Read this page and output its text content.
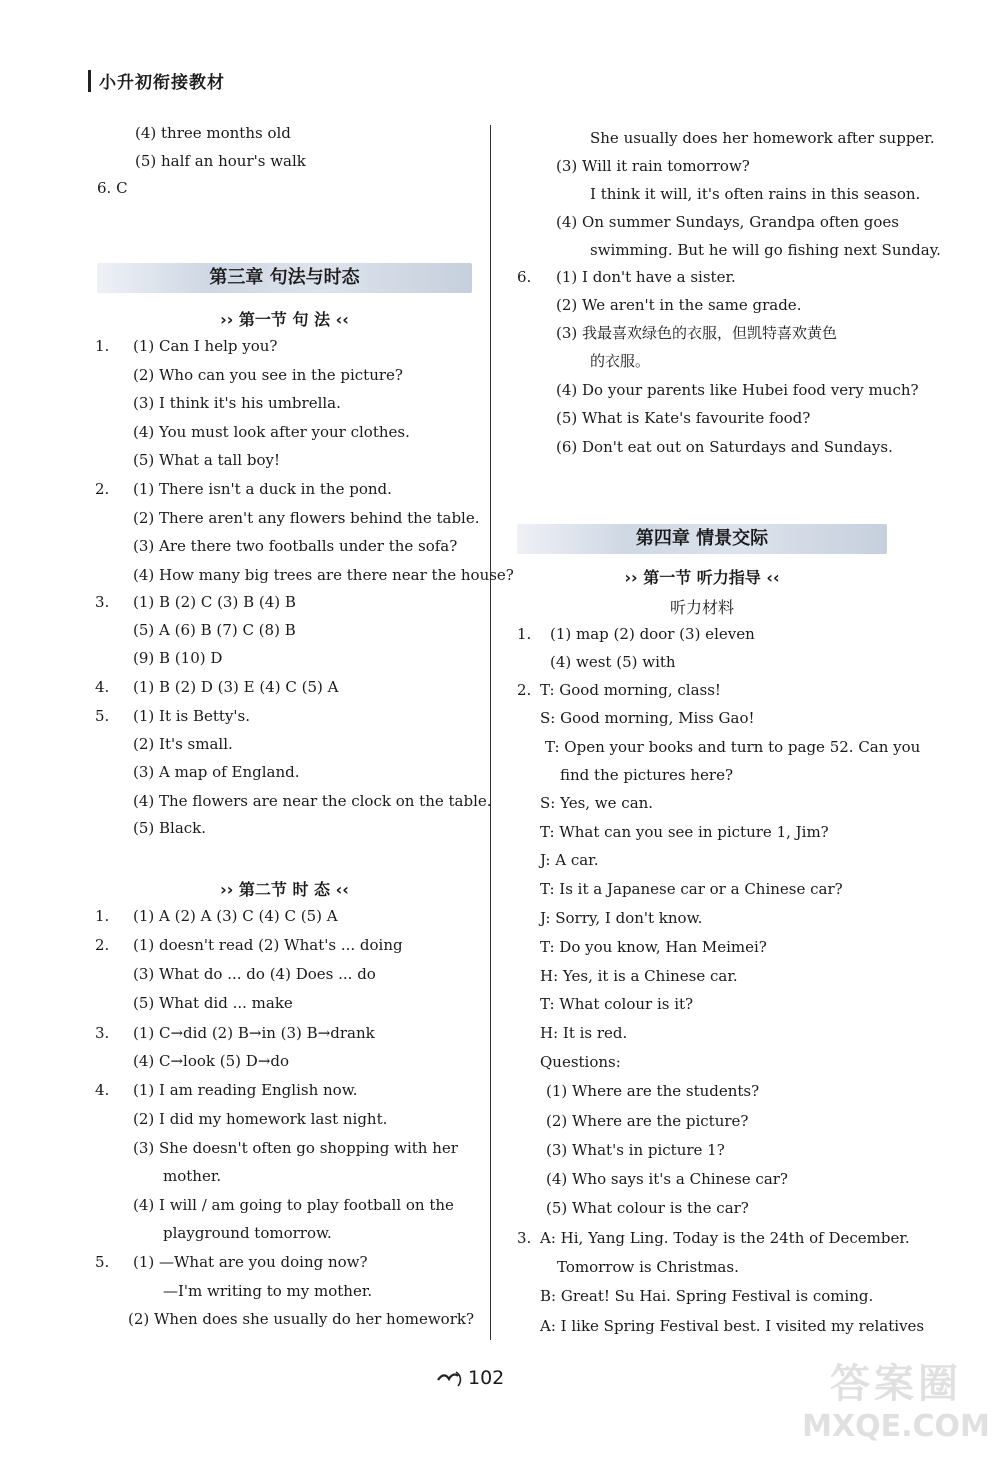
小升初衔接教材
(4) three months old
(5) half an hour's walk
6. C
第三章 句法与时态
›› 第一节 句 法 ‹‹
1. (1) Can I help you?
(2) Who can you see in the picture?
(3) I think it's his umbrella.
(4) You must look after your clothes.
(5) What a tall boy!
2. (1) There isn't a duck in the pond.
(2) There aren't any flowers behind the table.
(3) Are there two footballs under the sofa?
(4) How many big trees are there near the house?
3. (1) B (2) C (3) B (4) B
(5) A (6) B (7) C (8) B
(9) B (10) D
4. (1) B (2) D (3) E (4) C (5) A
5. (1) It is Betty's.
(2) It's small.
(3) A map of England.
(4) The flowers are near the clock on the table.
(5) Black.
›› 第二节 时 态 ‹‹
1. (1) A (2) A (3) C (4) C (5) A
2. (1) doesn't read (2) What's ... doing
(3) What do ... do (4) Does ... do
(5) What did ... make
3. (1) C→did (2) B→in (3) B→drank
(4) C→look (5) D→do
4. (1) I am reading English now.
(2) I did my homework last night.
(3) She doesn't often go shopping with her
mother.
(4) I will / am going to play football on the
playground tomorrow.
5. (1) —What are you doing now?
—I'm writing to my mother.
(2) When does she usually do her homework?
She usually does her homework after supper.
(3) Will it rain tomorrow?
I think it will, it's often rains in this season.
(4) On summer Sundays, Grandpa often goes
swimming. But he will go fishing next Sunday.
6. (1) I don't have a sister.
(2) We aren't in the same grade.
(3) 我最喜欢绿色的衣服，但凯特喜欢黄色
的衣服。
(4) Do your parents like Hubei food very much?
(5) What is Kate's favourite food?
(6) Don't eat out on Saturdays and Sundays.
第四章 情景交际
›› 第一节 听力指导 ‹‹
听力材料
1. (1) map (2) door (3) eleven
(4) west (5) with
2. T: Good morning, class!
S: Good morning, Miss Gao!
T: Open your books and turn to page 52. Can you
find the pictures here?
S: Yes, we can.
T: What can you see in picture 1, Jim?
J: A car.
T: Is it a Japanese car or a Chinese car?
J: Sorry, I don't know.
T: Do you know, Han Meimei?
H: Yes, it is a Chinese car.
T: What colour is it?
H: It is red.
Questions:
(1) Where are the students?
(2) Where are the picture?
(3) What's in picture 1?
(4) Who says it's a Chinese car?
(5) What colour is the car?
3. A: Hi, Yang Ling. Today is the 24th of December.
Tomorrow is Christmas.
B: Great! Su Hai. Spring Festival is coming.
A: I like Spring Festival best. I visited my relatives
102	答案圈
MXQE.COM
